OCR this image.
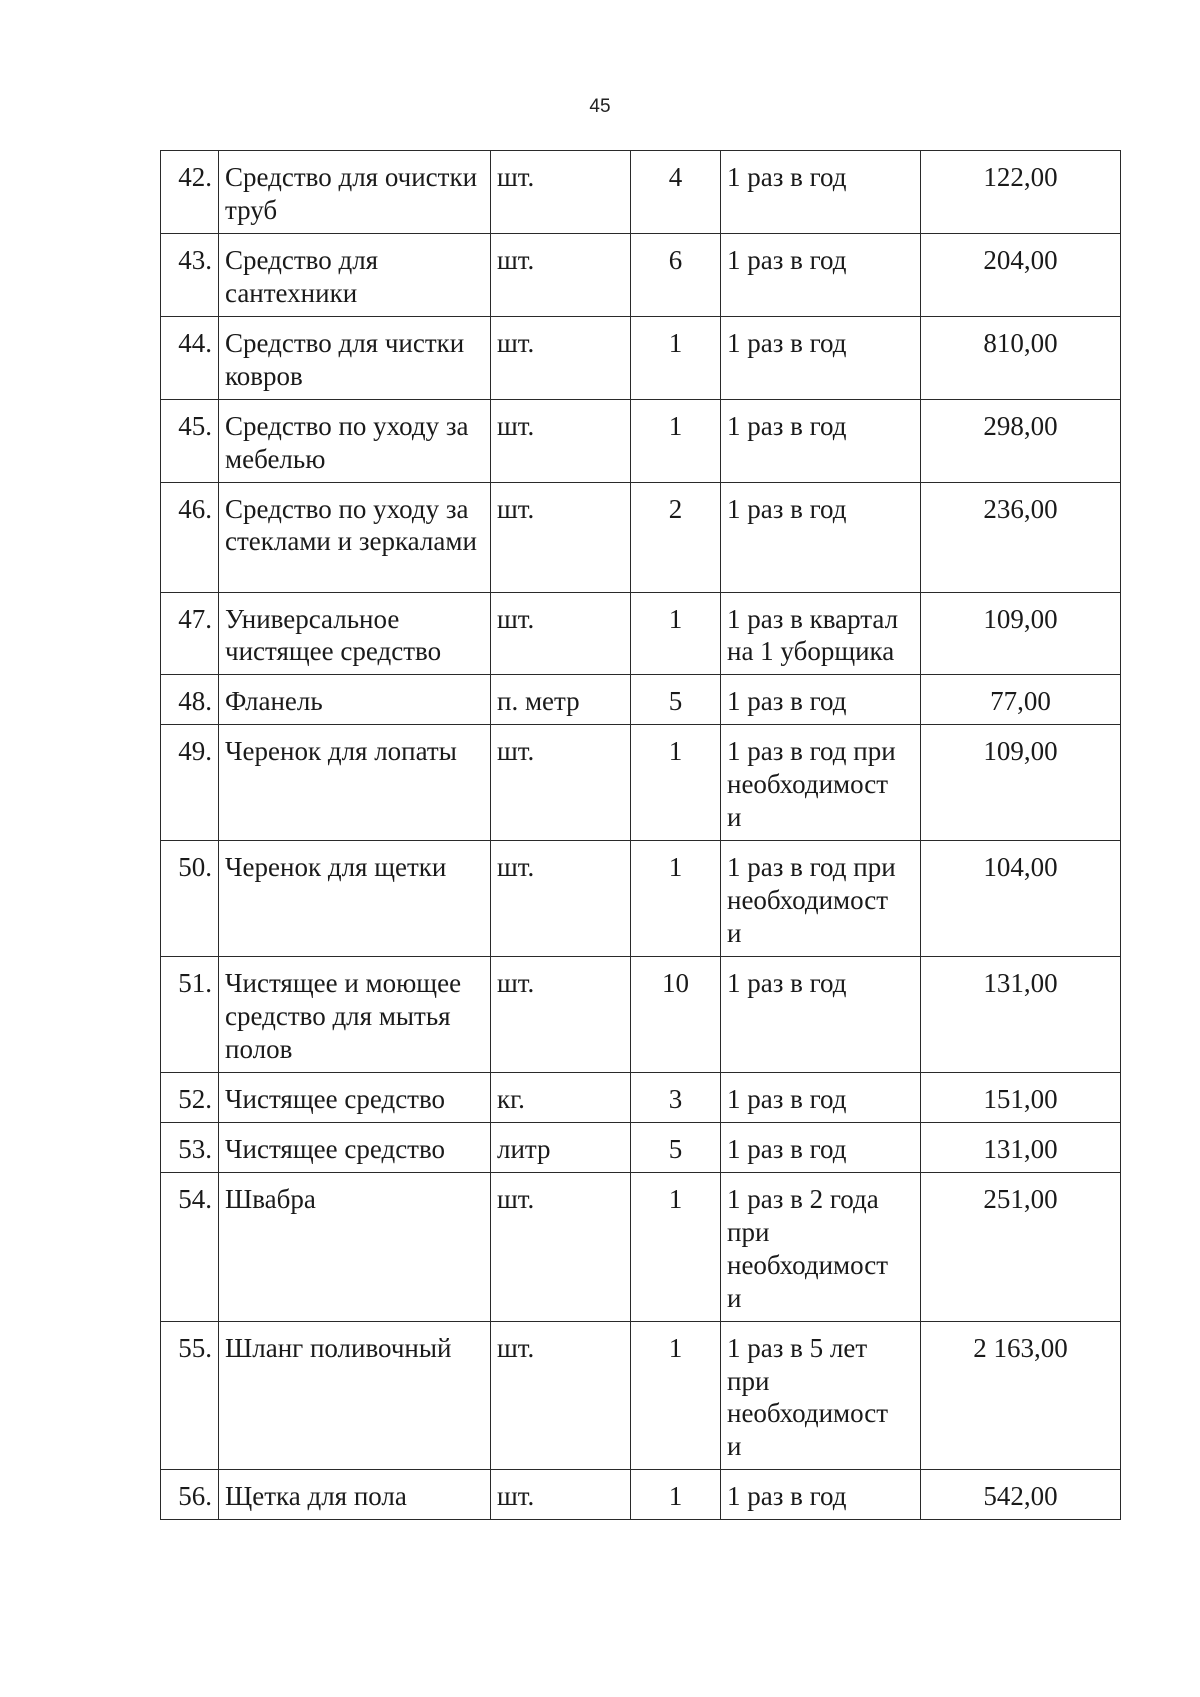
45
42.	Средство для очистки труб	шт.	4	1 раз в год	122,00
43.	Средство для сантехники	шт.	6	1 раз в год	204,00
44.	Средство для чистки ковров	шт.	1	1 раз в год	810,00
45.	Средство по уходу за мебелью	шт.	1	1 раз в год	298,00
46.	Средство по уходу за стеклами и зеркалами	шт.	2	1 раз в год	236,00
47.	Универсальное чистящее средство	шт.	1	1 раз в квартал
на 1 уборщика	109,00
48.	Фланель	п. метр	5	1 раз в год	77,00
49.	Черенок для лопаты	шт.	1	1 раз в год при
необходимост
и	109,00
50.	Черенок для щетки	шт.	1	1 раз в год при
необходимост
и	104,00
51.	Чистящее и моющее средство для мытья полов	шт.	10	1 раз в год	131,00
52.	Чистящее средство	кг.	3	1 раз в год	151,00
53.	Чистящее средство	литр	5	1 раз в год	131,00
54.	Швабра	шт.	1	1 раз в 2 года
при
необходимост
и	251,00
55.	Шланг поливочный	шт.	1	1 раз в 5 лет
при
необходимост
и	2 163,00
56.	Щетка для пола	шт.	1	1 раз в год	542,00
